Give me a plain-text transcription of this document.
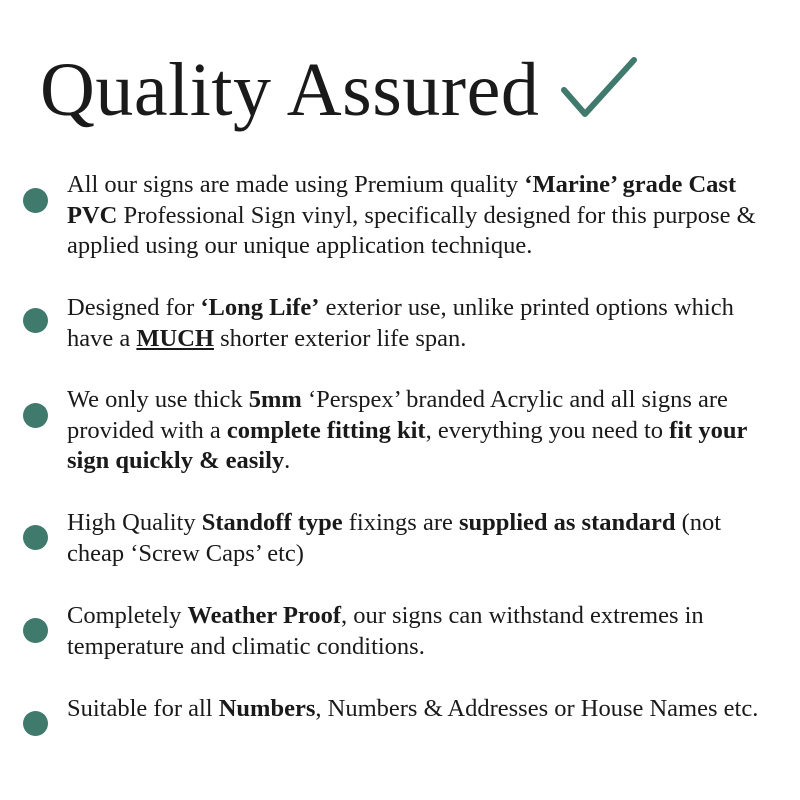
Quality Assured
All our signs are made using Premium quality ‘Marine’ grade Cast PVC Professional Sign vinyl, specifically designed for this purpose & applied using our unique application technique.
Designed for ‘Long Life’ exterior use, unlike printed options which have a MUCH shorter exterior life span.
We only use thick 5mm ‘Perspex’ branded Acrylic and all signs are provided with a complete fitting kit, everything you need to fit your sign quickly & easily.
High Quality Standoff type fixings are supplied as standard (not cheap ‘Screw Caps’ etc)
Completely Weather Proof, our signs can withstand extremes in temperature and climatic conditions.
Suitable for all Numbers, Numbers & Addresses or House Names etc.
